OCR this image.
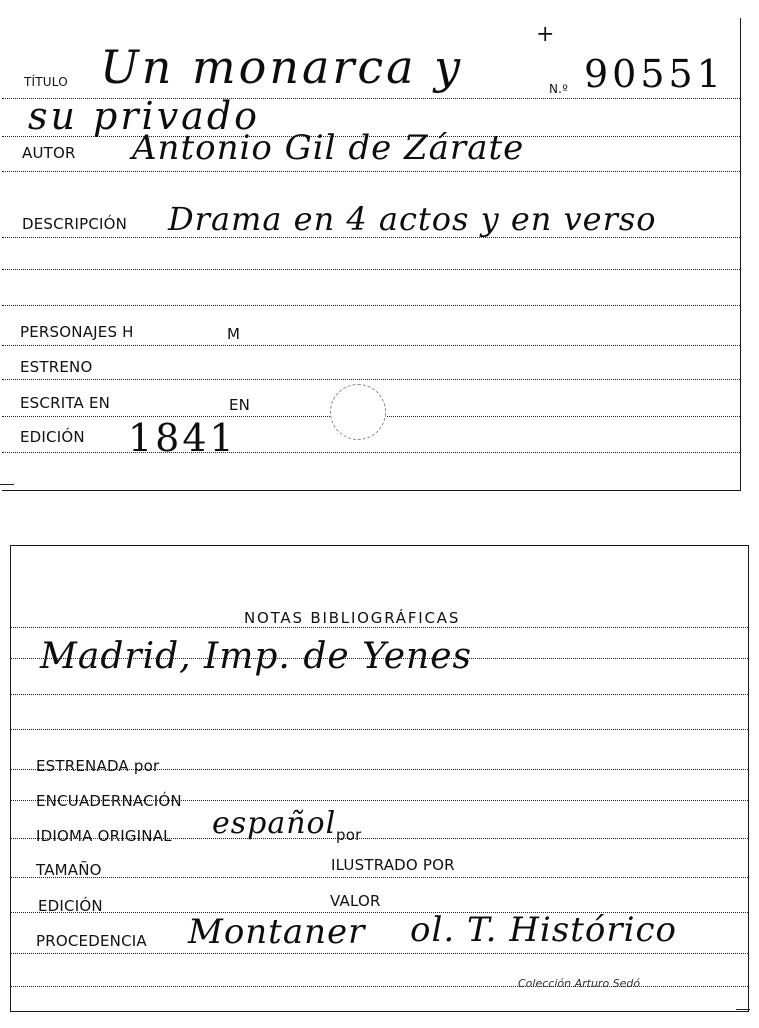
TÍTULO Un monarca y
+
N.º 90551
su privado
AUTOR Antonio Gil de Zárate
DESCRIPCIÓN Drama en 4 actos y en verso
PERSONAJES H	M
ESTRENO
ESCRITA EN	EN
EDICIÓN 1841
NOTAS BIBLIOGRÁFICAS
Madrid, Imp. de Yenes
ESTRENADA por
ENCUADERNACIÓN
IDIOMA ORIGINAL español por
TAMAÑO	ILUSTRADO POR
EDICIÓN	VALOR
PROCEDENCIA Montaner ol. T. Histórico
Colección Arturo Sedó
